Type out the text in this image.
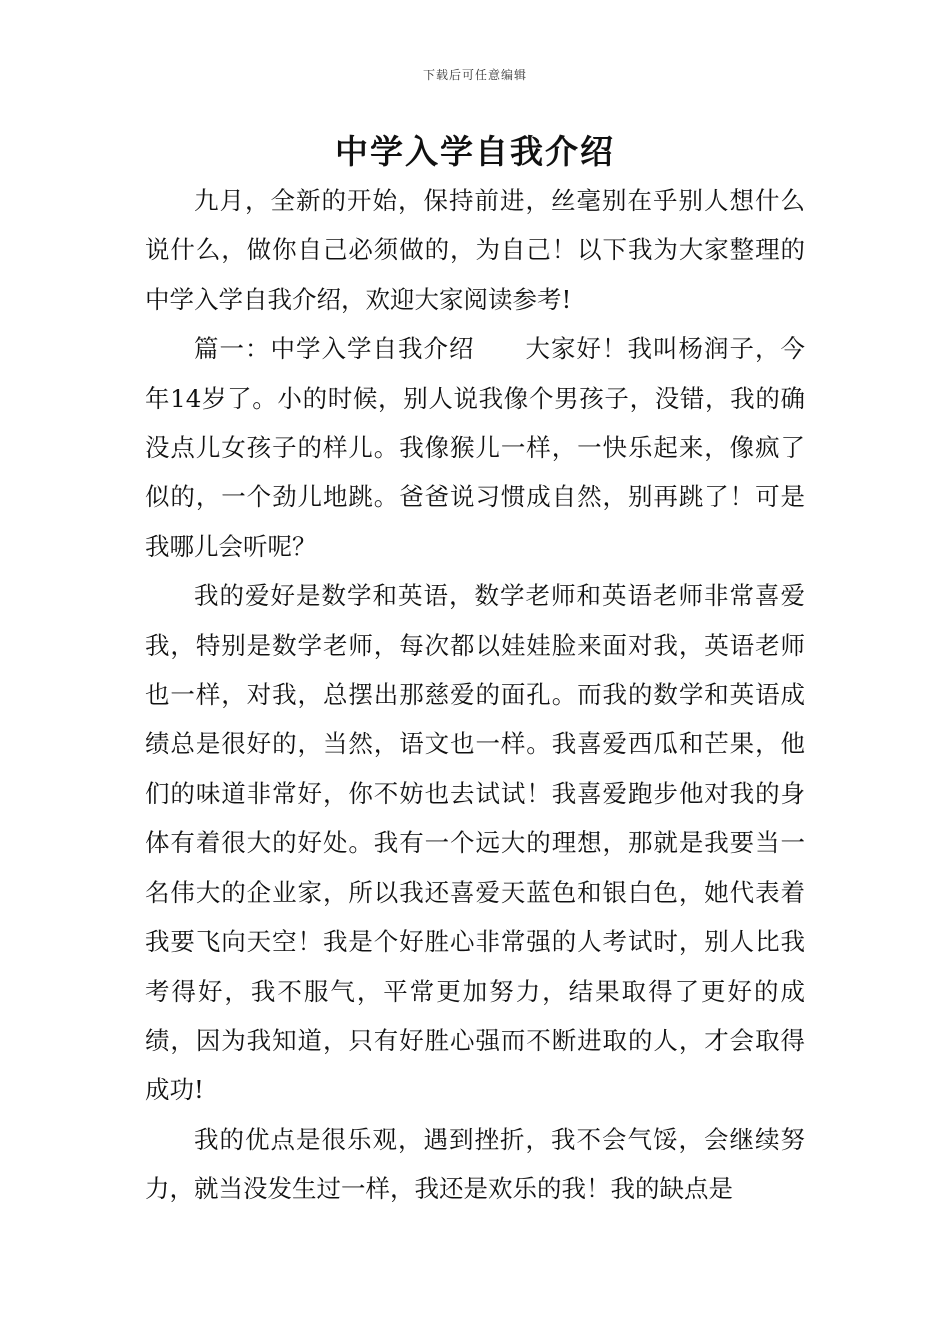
下载后可任意编辑
中学入学自我介绍

九月，全新的开始，保持前进，丝毫别在乎别人想什么说什么，做你自己必须做的，为自己！以下我为大家整理的中学入学自我介绍，欢迎大家阅读参考!

篇一：中学入学自我介绍　　大家好！我叫杨润子，今年14岁了。小的时候，别人说我像个男孩子，没错，我的确没点儿女孩子的样儿。我像猴儿一样，一快乐起来，像疯了似的，一个劲儿地跳。爸爸说习惯成自然，别再跳了！可是我哪儿会听呢？

我的爱好是数学和英语，数学老师和英语老师非常喜爱我，特别是数学老师，每次都以娃娃脸来面对我，英语老师也一样，对我，总摆出那慈爱的面孔。而我的数学和英语成绩总是很好的，当然，语文也一样。我喜爱西瓜和芒果，他们的味道非常好，你不妨也去试试！我喜爱跑步他对我的身体有着很大的好处。我有一个远大的理想，那就是我要当一名伟大的企业家，所以我还喜爱天蓝色和银白色，她代表着我要飞向天空！我是个好胜心非常强的人考试时，别人比我考得好，我不服气，平常更加努力，结果取得了更好的成绩，因为我知道，只有好胜心强而不断进取的人，才会取得成功!

我的优点是很乐观，遇到挫折，我不会气馁，会继续努力，就当没发生过一样，我还是欢乐的我！我的缺点是
